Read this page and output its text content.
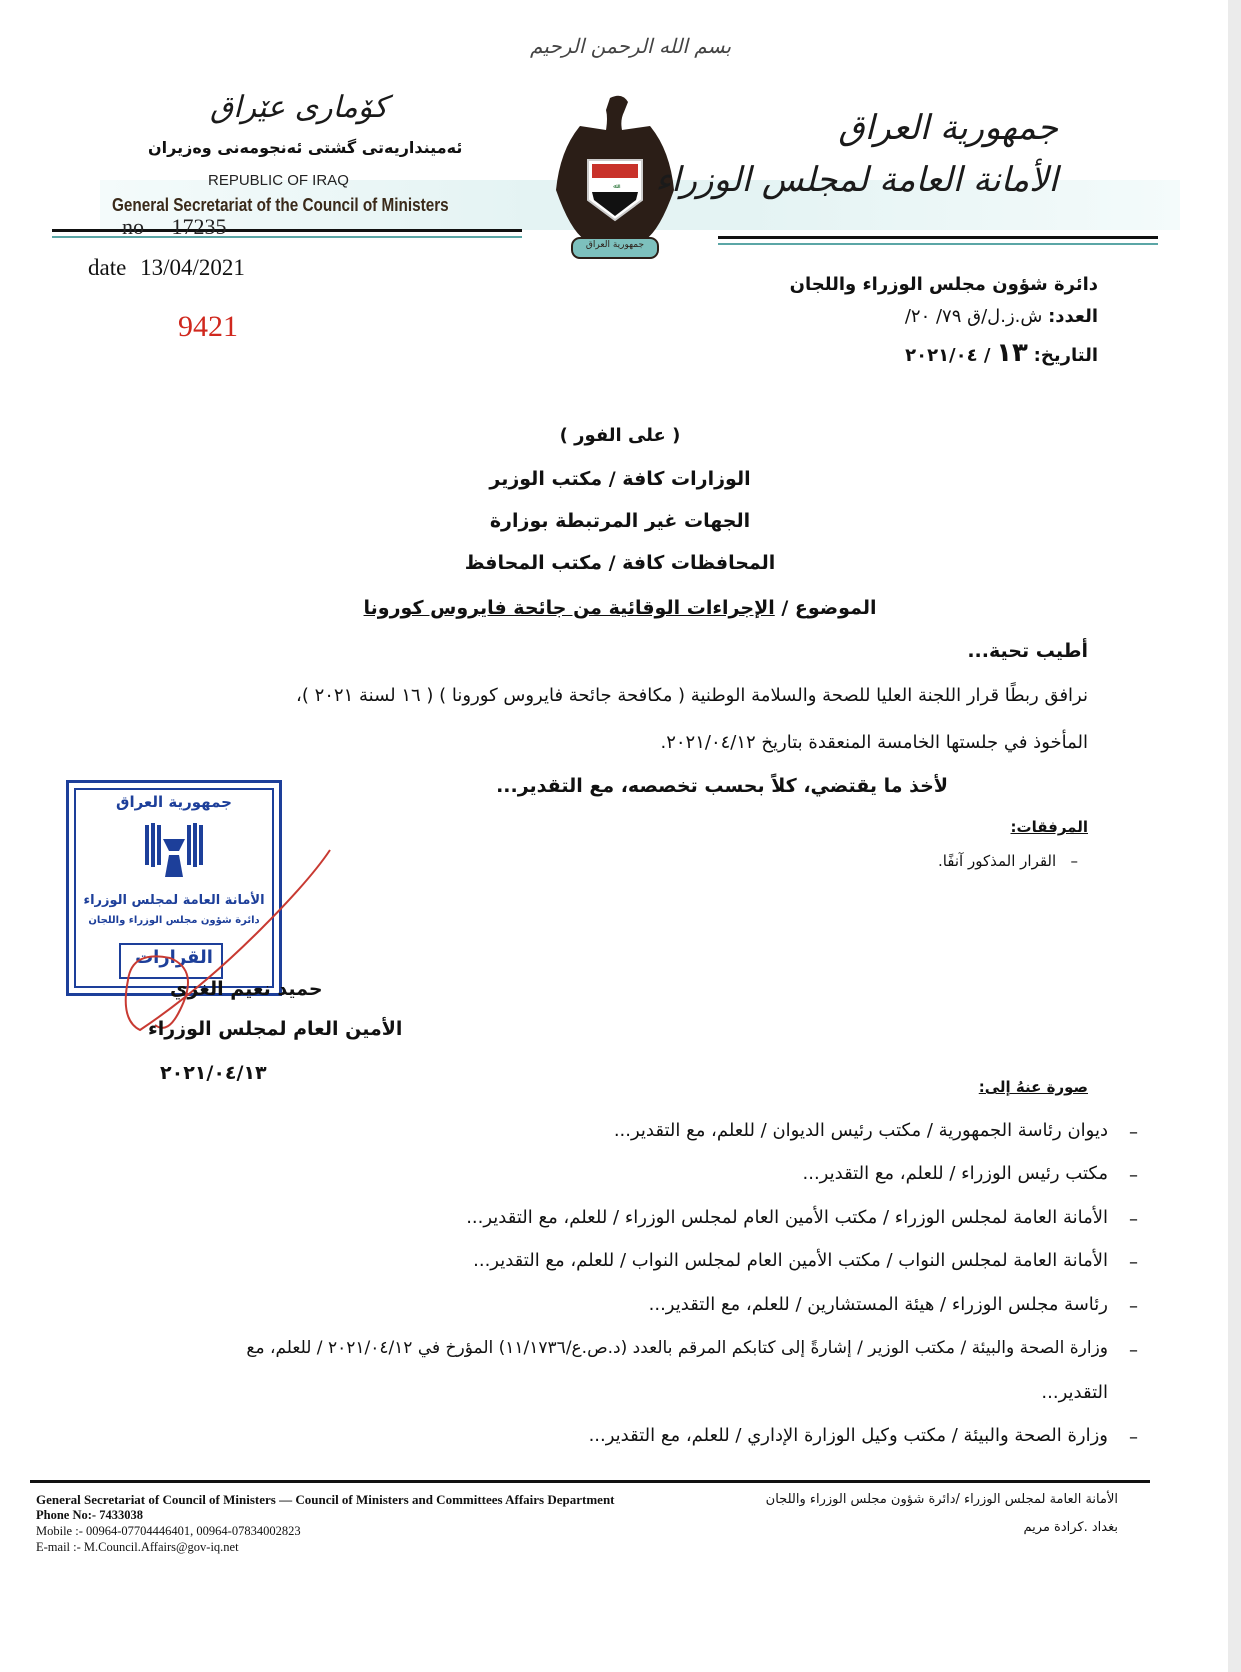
بسم الله الرحمن الرحيم
كۆماری عێراق
ئەمینداریەتی گشتی ئەنجومەنی وەزیران
REPUBLIC OF IRAQ
General Secretariat of the Council of Ministers
no 17235
ﷲ
جمهورية العراق
جمهورية العراق
الأمانة العامة لمجلس الوزراء
date 13/04/2021
9421
دائرة شؤون مجلس الوزراء واللجان
العدد: ش.ز.ل/ق ٧٩/ ٢٠/
التاريخ: ١٣ / ٢٠٢١/٠٤
( على الفور )
الوزارات كافة / مكتب الوزير
الجهات غير المرتبطة بوزارة
المحافظات كافة / مكتب المحافظ
الموضوع / الإجراءات الوقائية من جائحة فايروس كورونا
أطيب تحية...
نرافق ربطًا قرار اللجنة العليا للصحة والسلامة الوطنية ( مكافحة جائحة فايروس كورونا ) ( ١٦ لسنة ٢٠٢١ )،
المأخوذ في جلستها الخامسة المنعقدة بتاريخ ٢٠٢١/٠٤/١٢.
لأخذ ما يقتضي، كلاً بحسب تخصصه، مع التقدير...
المرفقات:
–   القرار المذكور آنفًا.
جمهورية العراق
الأمانة العامة لمجلس الوزراء
دائرة شؤون مجلس الوزراء واللجان
القرارات
حميد نعيم الغزي
الأمين العام لمجلس الوزراء
٢٠٢١/٠٤/١٣
صورة عنهُ إلى:
–
ديوان رئاسة الجمهورية / مكتب رئيس الديوان / للعلم، مع التقدير...
–
مكتب رئيس الوزراء / للعلم، مع التقدير...
–
الأمانة العامة لمجلس الوزراء / مكتب الأمين العام لمجلس الوزراء / للعلم، مع التقدير...
–
الأمانة العامة لمجلس النواب / مكتب الأمين العام لمجلس النواب / للعلم، مع التقدير...
–
رئاسة مجلس الوزراء / هيئة المستشارين / للعلم، مع التقدير...
–
وزارة الصحة والبيئة / مكتب الوزير / إشارةً إلى كتابكم المرقم بالعدد (د.ص.ع/١١/١٧٣٦) المؤرخ في ٢٠٢١/٠٤/١٢ / للعلم، مع
التقدير...
–
وزارة الصحة والبيئة / مكتب وكيل الوزارة الإداري / للعلم، مع التقدير...
General Secretariat of Council of Ministers — Council of Ministers and Committees Affairs Department
Phone No:- 7433038
Mobile :- 00964-07704446401, 00964-07834002823
E-mail :- M.Council.Affairs@gov-iq.net
الأمانة العامة لمجلس الوزراء /دائرة شؤون مجلس الوزراء واللجان
بغداد .كرادة مريم
